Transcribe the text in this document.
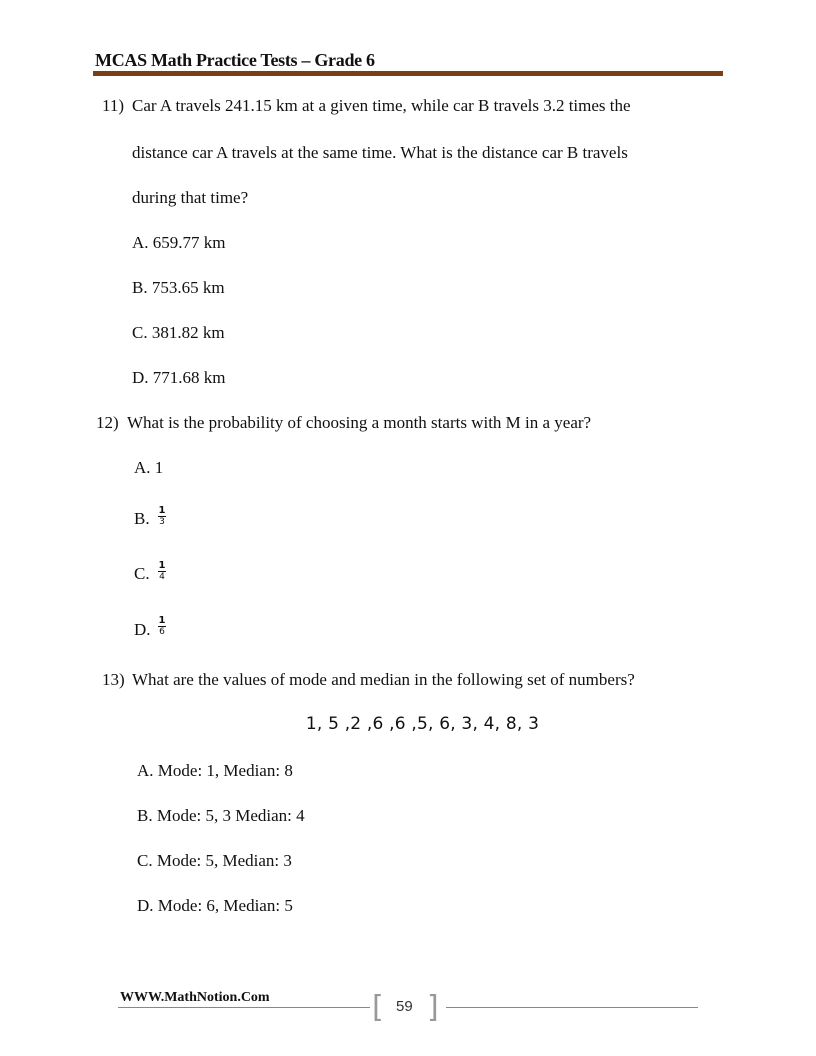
MCAS Math Practice Tests – Grade 6
11) Car A travels 241.15 km at a given time, while car B travels 3.2 times the
distance car A travels at the same time. What is the distance car B travels
during that time?
A. 659.77 km
B. 753.65 km
C. 381.82 km
D. 771.68 km
12) What is the probability of choosing a month starts with M in a year?
A. 1
B. 1
3
C. 1
4
D. 1
6
13) What are the values of mode and median in the following set of numbers?
1, 5 ,2 ,6 ,6 ,5, 6, 3, 4, 8, 3
A. Mode: 1, Median: 8
B. Mode: 5, 3 Median: 4
C. Mode: 5, Median: 3
D. Mode: 6, Median: 5
WWW.MathNotion.Com	[ ]
59
